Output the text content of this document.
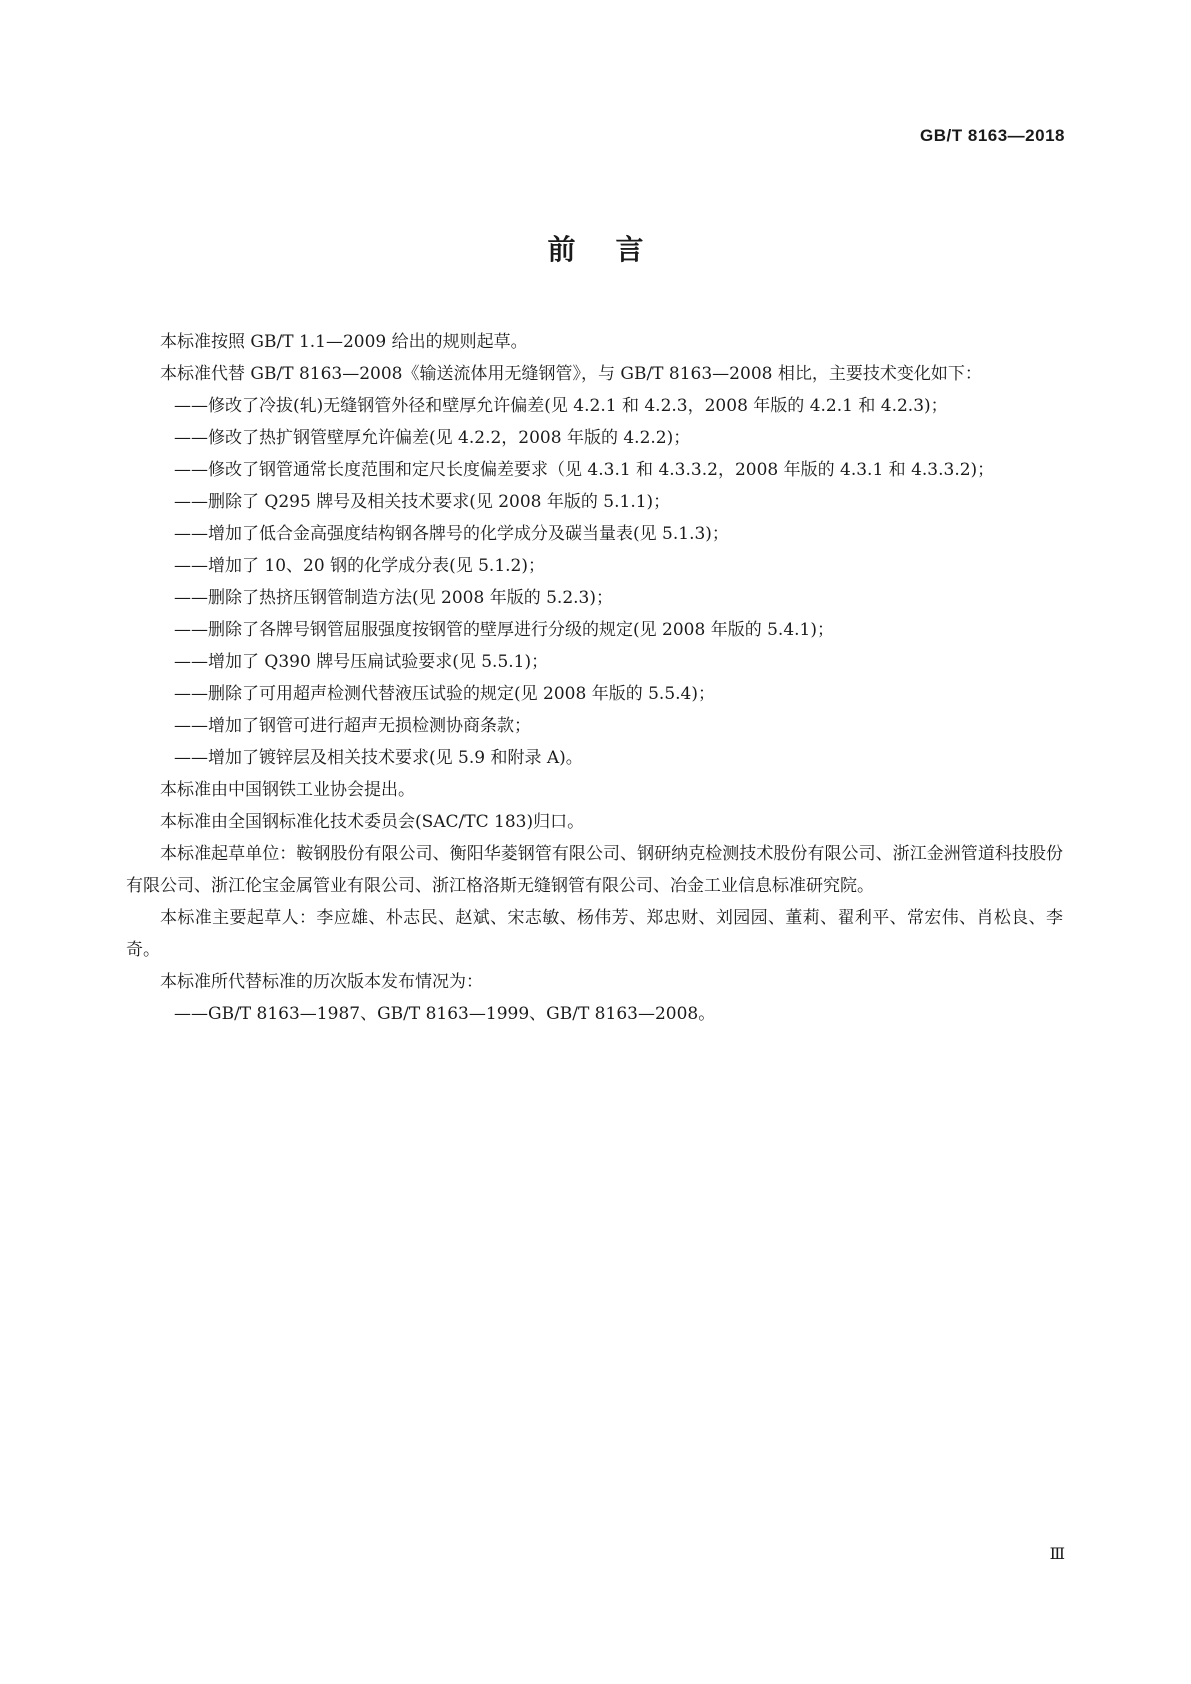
GB/T 8163—2018
前言

本标准按照 GB/T 1.1—2009 给出的规则起草。

本标准代替 GB/T 8163—2008《输送流体用无缝钢管》，与 GB/T 8163—2008 相比，主要技术变化如下：

——修改了冷拔(轧)无缝钢管外径和壁厚允许偏差(见 4.2.1 和 4.2.3，2008 年版的 4.2.1 和 4.2.3)；
——修改了热扩钢管壁厚允许偏差(见 4.2.2，2008 年版的 4.2.2)；
——修改了钢管通常长度范围和定尺长度偏差要求（见 4.3.1 和 4.3.3.2，2008 年版的 4.3.1 和 4.3.3.2)；
——删除了 Q295 牌号及相关技术要求(见 2008 年版的 5.1.1)；
——增加了低合金高强度结构钢各牌号的化学成分及碳当量表(见 5.1.3)；
——增加了 10、20 钢的化学成分表(见 5.1.2)；
——删除了热挤压钢管制造方法(见 2008 年版的 5.2.3)；
——删除了各牌号钢管屈服强度按钢管的壁厚进行分级的规定(见 2008 年版的 5.4.1)；
——增加了 Q390 牌号压扁试验要求(见 5.5.1)；
——删除了可用超声检测代替液压试验的规定(见 2008 年版的 5.5.4)；
——增加了钢管可进行超声无损检测协商条款；
——增加了镀锌层及相关技术要求(见 5.9 和附录 A)。

本标准由中国钢铁工业协会提出。

本标准由全国钢标准化技术委员会(SAC/TC 183)归口。

本标准起草单位：鞍钢股份有限公司、衡阳华菱钢管有限公司、钢研纳克检测技术股份有限公司、浙江金洲管道科技股份有限公司、浙江伦宝金属管业有限公司、浙江格洛斯无缝钢管有限公司、冶金工业信息标准研究院。

本标准主要起草人：李应雄、朴志民、赵斌、宋志敏、杨伟芳、郑忠财、刘园园、董莉、翟利平、常宏伟、肖松良、李奇。

本标准所代替标准的历次版本发布情况为：

——GB/T 8163—1987、GB/T 8163—1999、GB/T 8163—2008。

Ⅲ
